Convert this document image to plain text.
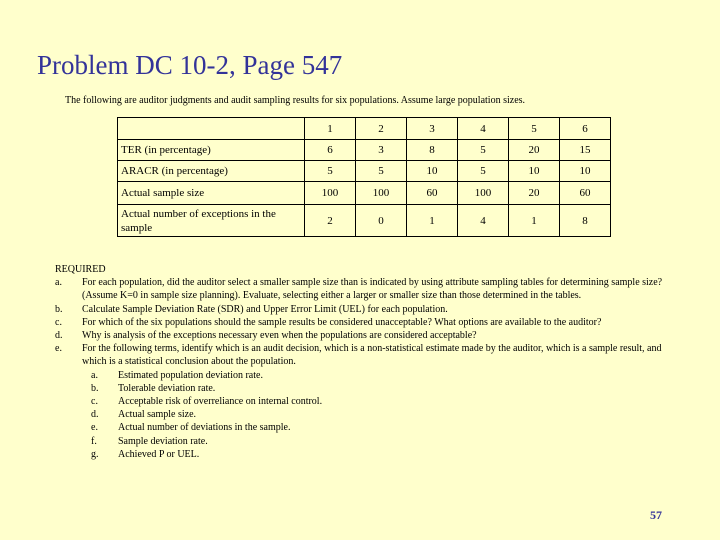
Problem DC 10-2, Page 547
The following are auditor judgments and audit sampling results for six populations. Assume large population sizes.
	1	2	3	4	5	6
TER (in percentage)	6	3	8	5	20	15
ARACR (in percentage)	5	5	10	5	10	10
Actual sample size	100	100	60	100	20	60
Actual number of exceptions in the sample	2	0	1	4	1	8
REQUIRED
a.	For each population, did the auditor select a smaller sample size than is indicated by using attribute sampling tables for determining sample size? (Assume K=0 in sample size planning). Evaluate, selecting either a larger or smaller size than those determined in the tables.
b.	Calculate Sample Deviation Rate (SDR) and Upper Error Limit (UEL) for each population.
c.	For which of the six populations should the sample results be considered unacceptable? What options are available to the auditor?
d.	Why is analysis of the exceptions necessary even when the populations are considered acceptable?
e.	For the following terms, identify which is an audit decision, which is a non-statistical estimate made by the auditor, which is a sample result, and which is a statistical conclusion about the population.
a.	Estimated population deviation rate.
b.	Tolerable deviation rate.
c.	Acceptable risk of overreliance on internal control.
d.	Actual sample size.
e.	Actual number of deviations in the sample.
f.	Sample deviation rate.
g.	Achieved P or UEL.
57
